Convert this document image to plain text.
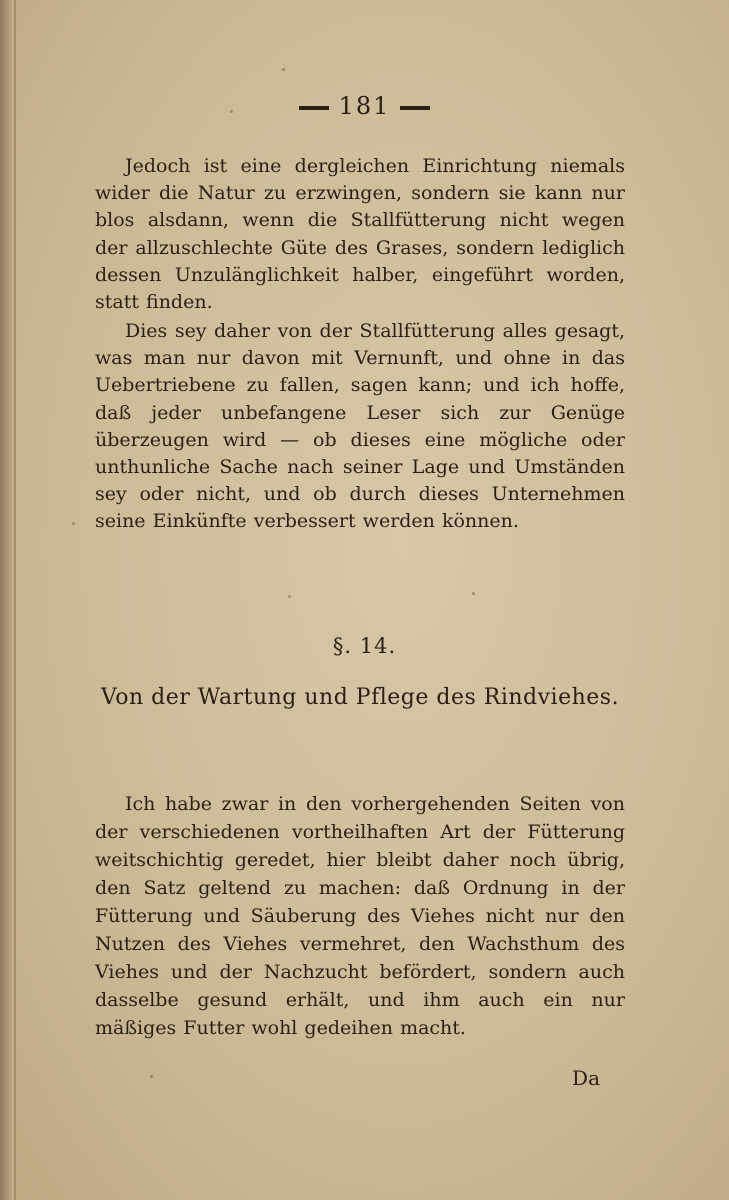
181

Jedoch ist eine dergleichen Einrichtung niemals wider die Natur zu erzwingen, sondern sie kann nur blos alsdann, wenn die Stallfütterung nicht wegen der allzuschlechte Güte des Grases, sondern lediglich dessen Unzulänglichkeit halber, eingeführt worden, statt finden.

Dies sey daher von der Stallfütterung alles gesagt, was man nur davon mit Vernunft, und ohne in das Uebertriebene zu fallen, sagen kann; und ich hoffe, daß jeder unbefangene Leser sich zur Genüge überzeugen wird — ob dieses eine mögliche oder unthunliche Sache nach seiner Lage und Umständen sey oder nicht, und ob durch dieses Unternehmen seine Einkünfte verbessert werden können.

§. 14.
Von der Wartung und Pflege des Rindviehes.

Ich habe zwar in den vorhergehenden Seiten von der verschiedenen vortheilhaften Art der Fütterung weitschichtig geredet, hier bleibt daher noch übrig, den Satz geltend zu machen: daß Ordnung in der Fütterung und Säuberung des Viehes nicht nur den Nutzen des Viehes vermehret, den Wachsthum des Viehes und der Nachzucht befördert, sondern auch dasselbe gesund erhält, und ihm auch ein nur mäßiges Futter wohl gedeihen macht.

Da
